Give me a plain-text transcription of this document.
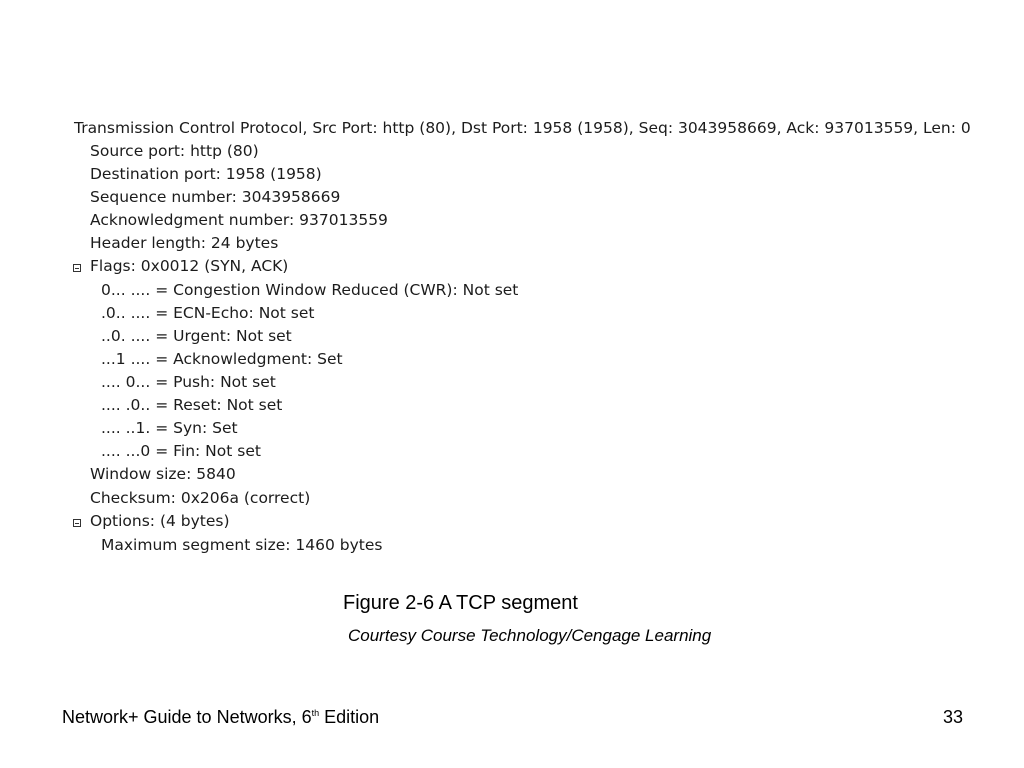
Transmission Control Protocol, Src Port: http (80), Dst Port: 1958 (1958), Seq: 3043958669, Ack: 937013559, Len: 0
Source port: http (80)
Destination port: 1958 (1958)
Sequence number: 3043958669
Acknowledgment number: 937013559
Header length: 24 bytes
Flags: 0x0012 (SYN, ACK)
0... .... = Congestion Window Reduced (CWR): Not set
.0.. .... = ECN-Echo: Not set
..0. .... = Urgent: Not set
...1 .... = Acknowledgment: Set
.... 0... = Push: Not set
.... .0.. = Reset: Not set
.... ..1. = Syn: Set
.... ...0 = Fin: Not set
Window size: 5840
Checksum: 0x206a (correct)
Options: (4 bytes)
Maximum segment size: 1460 bytes
Figure 2-6 A TCP segment
Courtesy Course Technology/Cengage Learning
Network+ Guide to Networks, 6th Edition	33
